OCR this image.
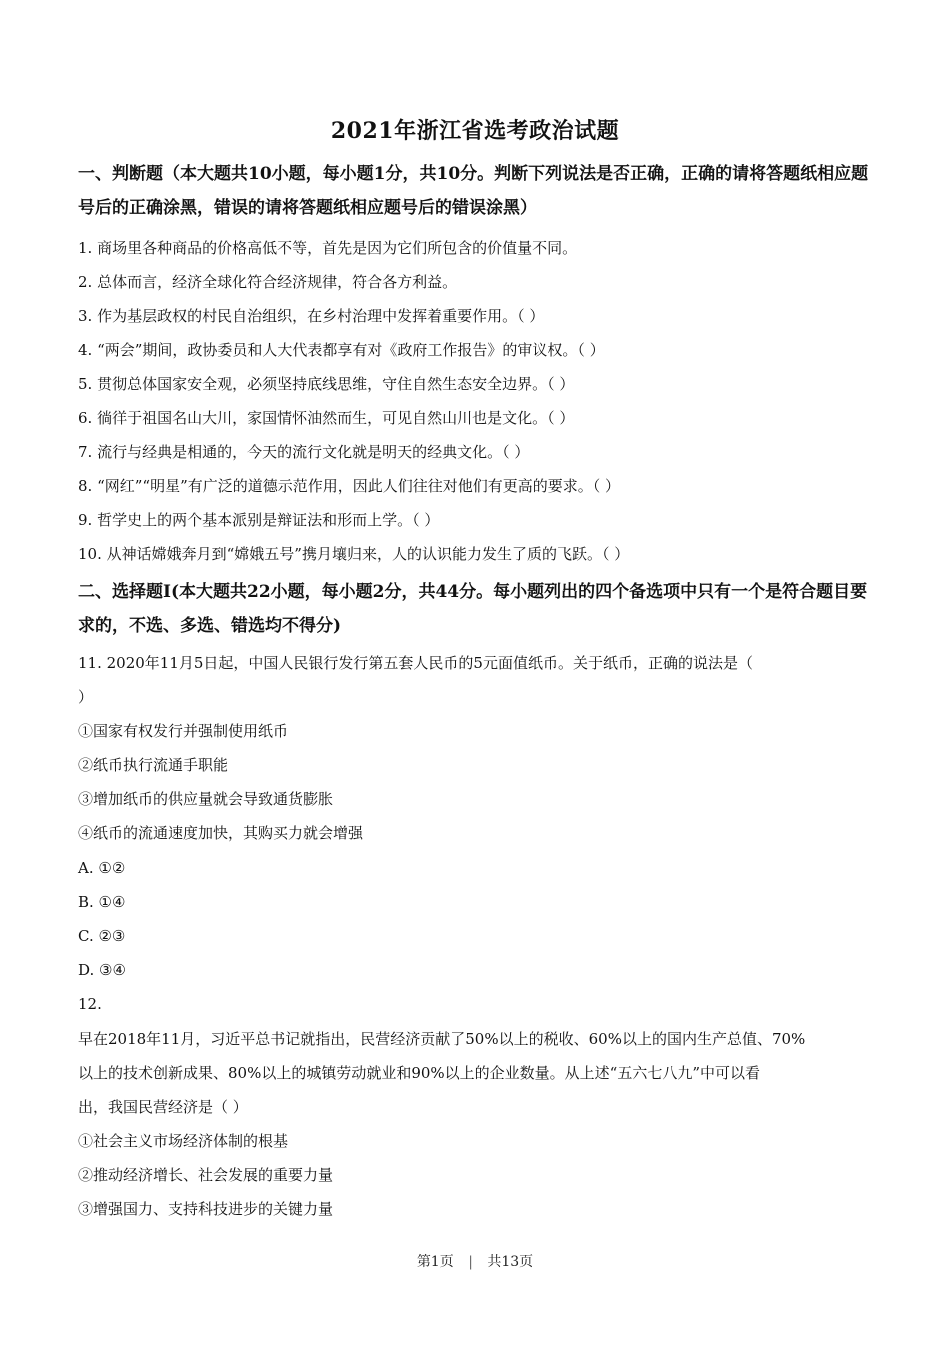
2021年浙江省选考政治试题
一、判断题（本大题共10小题，每小题1分，共10分。判断下列说法是否正确，正确的请将答题纸相应题号后的正确涂黑，错误的请将答题纸相应题号后的错误涂黑）
1. 商场里各种商品的价格高低不等，首先是因为它们所包含的价值量不同。
2. 总体而言，经济全球化符合经济规律，符合各方利益。
3. 作为基层政权的村民自治组织，在乡村治理中发挥着重要作用。（ ）
4. “两会”期间，政协委员和人大代表都享有对《政府工作报告》的审议权。（ ）
5. 贯彻总体国家安全观，必须坚持底线思维，守住自然生态安全边界。（ ）
6. 徜徉于祖国名山大川，家国情怀油然而生，可见自然山川也是文化。（ ）
7. 流行与经典是相通的，今天的流行文化就是明天的经典文化。（ ）
8. “网红”“明星”有广泛的道德示范作用，因此人们往往对他们有更高的要求。（ ）
9. 哲学史上的两个基本派别是辩证法和形而上学。（ ）
10. 从神话嫦娥奔月到“嫦娥五号”携月壤归来，人的认识能力发生了质的飞跃。（ ）
二、选择题I(本大题共22小题，每小题2分，共44分。每小题列出的四个备选项中只有一个是符合题目要求的，不选、多选、错选均不得分)
11. 2020年11月5日起，中国人民银行发行第五套人民币的5元面值纸币。关于纸币，正确的说法是（
）
①国家有权发行并强制使用纸币
②纸币执行流通手职能
③增加纸币的供应量就会导致通货膨胀
④纸币的流通速度加快，其购买力就会增强
A. ①②
B. ①④
C. ②③
D. ③④
12.
早在2018年11月，习近平总书记就指出，民营经济贡献了50%以上的税收、60%以上的国内生产总值、70%
以上的技术创新成果、80%以上的城镇劳动就业和90%以上的企业数量。从上述“五六七八九”中可以看
出，我国民营经济是（ ）
①社会主义市场经济体制的根基
②推动经济增长、社会发展的重要力量
③增强国力、支持科技进步的关键力量
第1页 | 共13页
